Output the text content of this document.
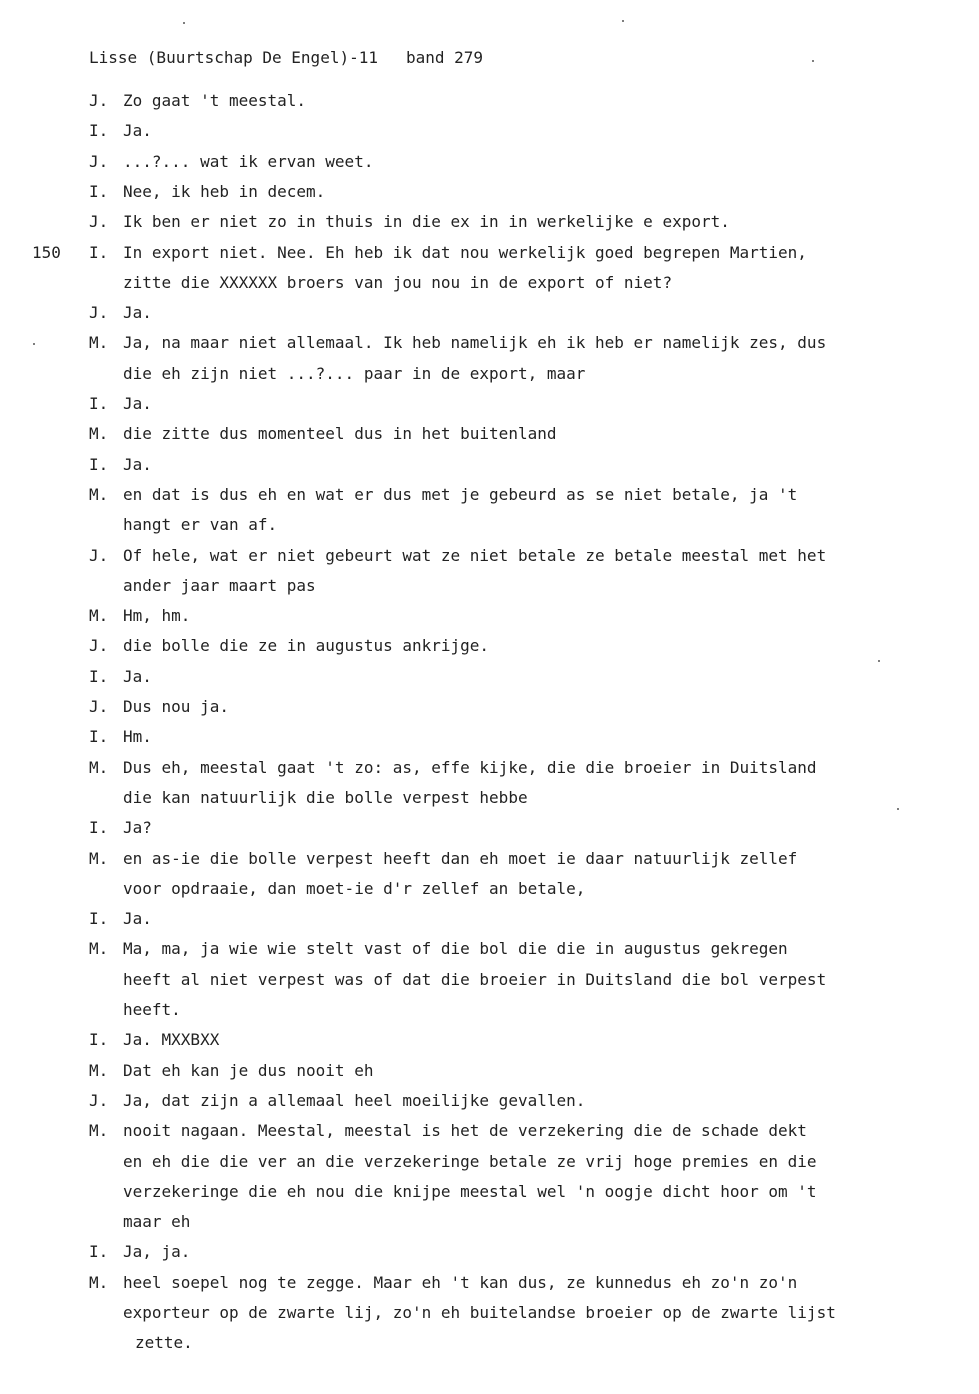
Lisse (Buurtschap De Engel)-11 band 279
150
J. Zo gaat 't meestal.
I. Ja.
J. ...?... wat ik ervan weet.
I. Nee, ik heb in decem.
J. Ik ben er niet zo in thuis in die ex in in werkelijke e export.
I. In export niet. Nee. Eh heb ik dat nou werkelijk goed begrepen Martien,
zitte die XXXXXX broers van jou nou in de export of niet?
J. Ja.
M. Ja, na maar niet allemaal. Ik heb namelijk eh ik heb er namelijk zes, dus
die eh zijn niet ...?... paar in de export, maar
I. Ja.
M. die zitte dus momenteel dus in het buitenland
I. Ja.
M. en dat is dus eh en wat er dus met je gebeurd as se niet betale, ja 't
hangt er van af.
J. Of hele, wat er niet gebeurt wat ze niet betale ze betale meestal met het
ander jaar maart pas
M. Hm, hm.
J. die bolle die ze in augustus ankrijge.
I. Ja.
J. Dus nou ja.
I. Hm.
M. Dus eh, meestal gaat 't zo: as, effe kijke, die die broeier in Duitsland
die kan natuurlijk die bolle verpest hebbe
I. Ja?
M. en as-ie die bolle verpest heeft dan eh moet ie daar natuurlijk zellef
voor opdraaie, dan moet-ie d'r zellef an betale,
I. Ja.
M. Ma, ma, ja wie wie stelt vast of die bol die die in augustus gekregen
heeft al niet verpest was of dat die broeier in Duitsland die bol verpest
heeft.
I. Ja. MXXBXX
M. Dat eh kan je dus nooit eh
J. Ja, dat zijn a allemaal heel moeilijke gevallen.
M. nooit nagaan. Meestal, meestal is het de verzekering die de schade dekt
en eh die die ver an die verzekeringe betale ze vrij hoge premies en die
verzekeringe die eh nou die knijpe meestal wel 'n oogje dicht hoor om 't
maar eh
I. Ja, ja.
M. heel soepel nog te zegge. Maar eh 't kan dus, ze kunnedus eh zo'n zo'n
exporteur op de zwarte lij, zo'n eh buitelandse broeier op de zwarte lijst
zette.
